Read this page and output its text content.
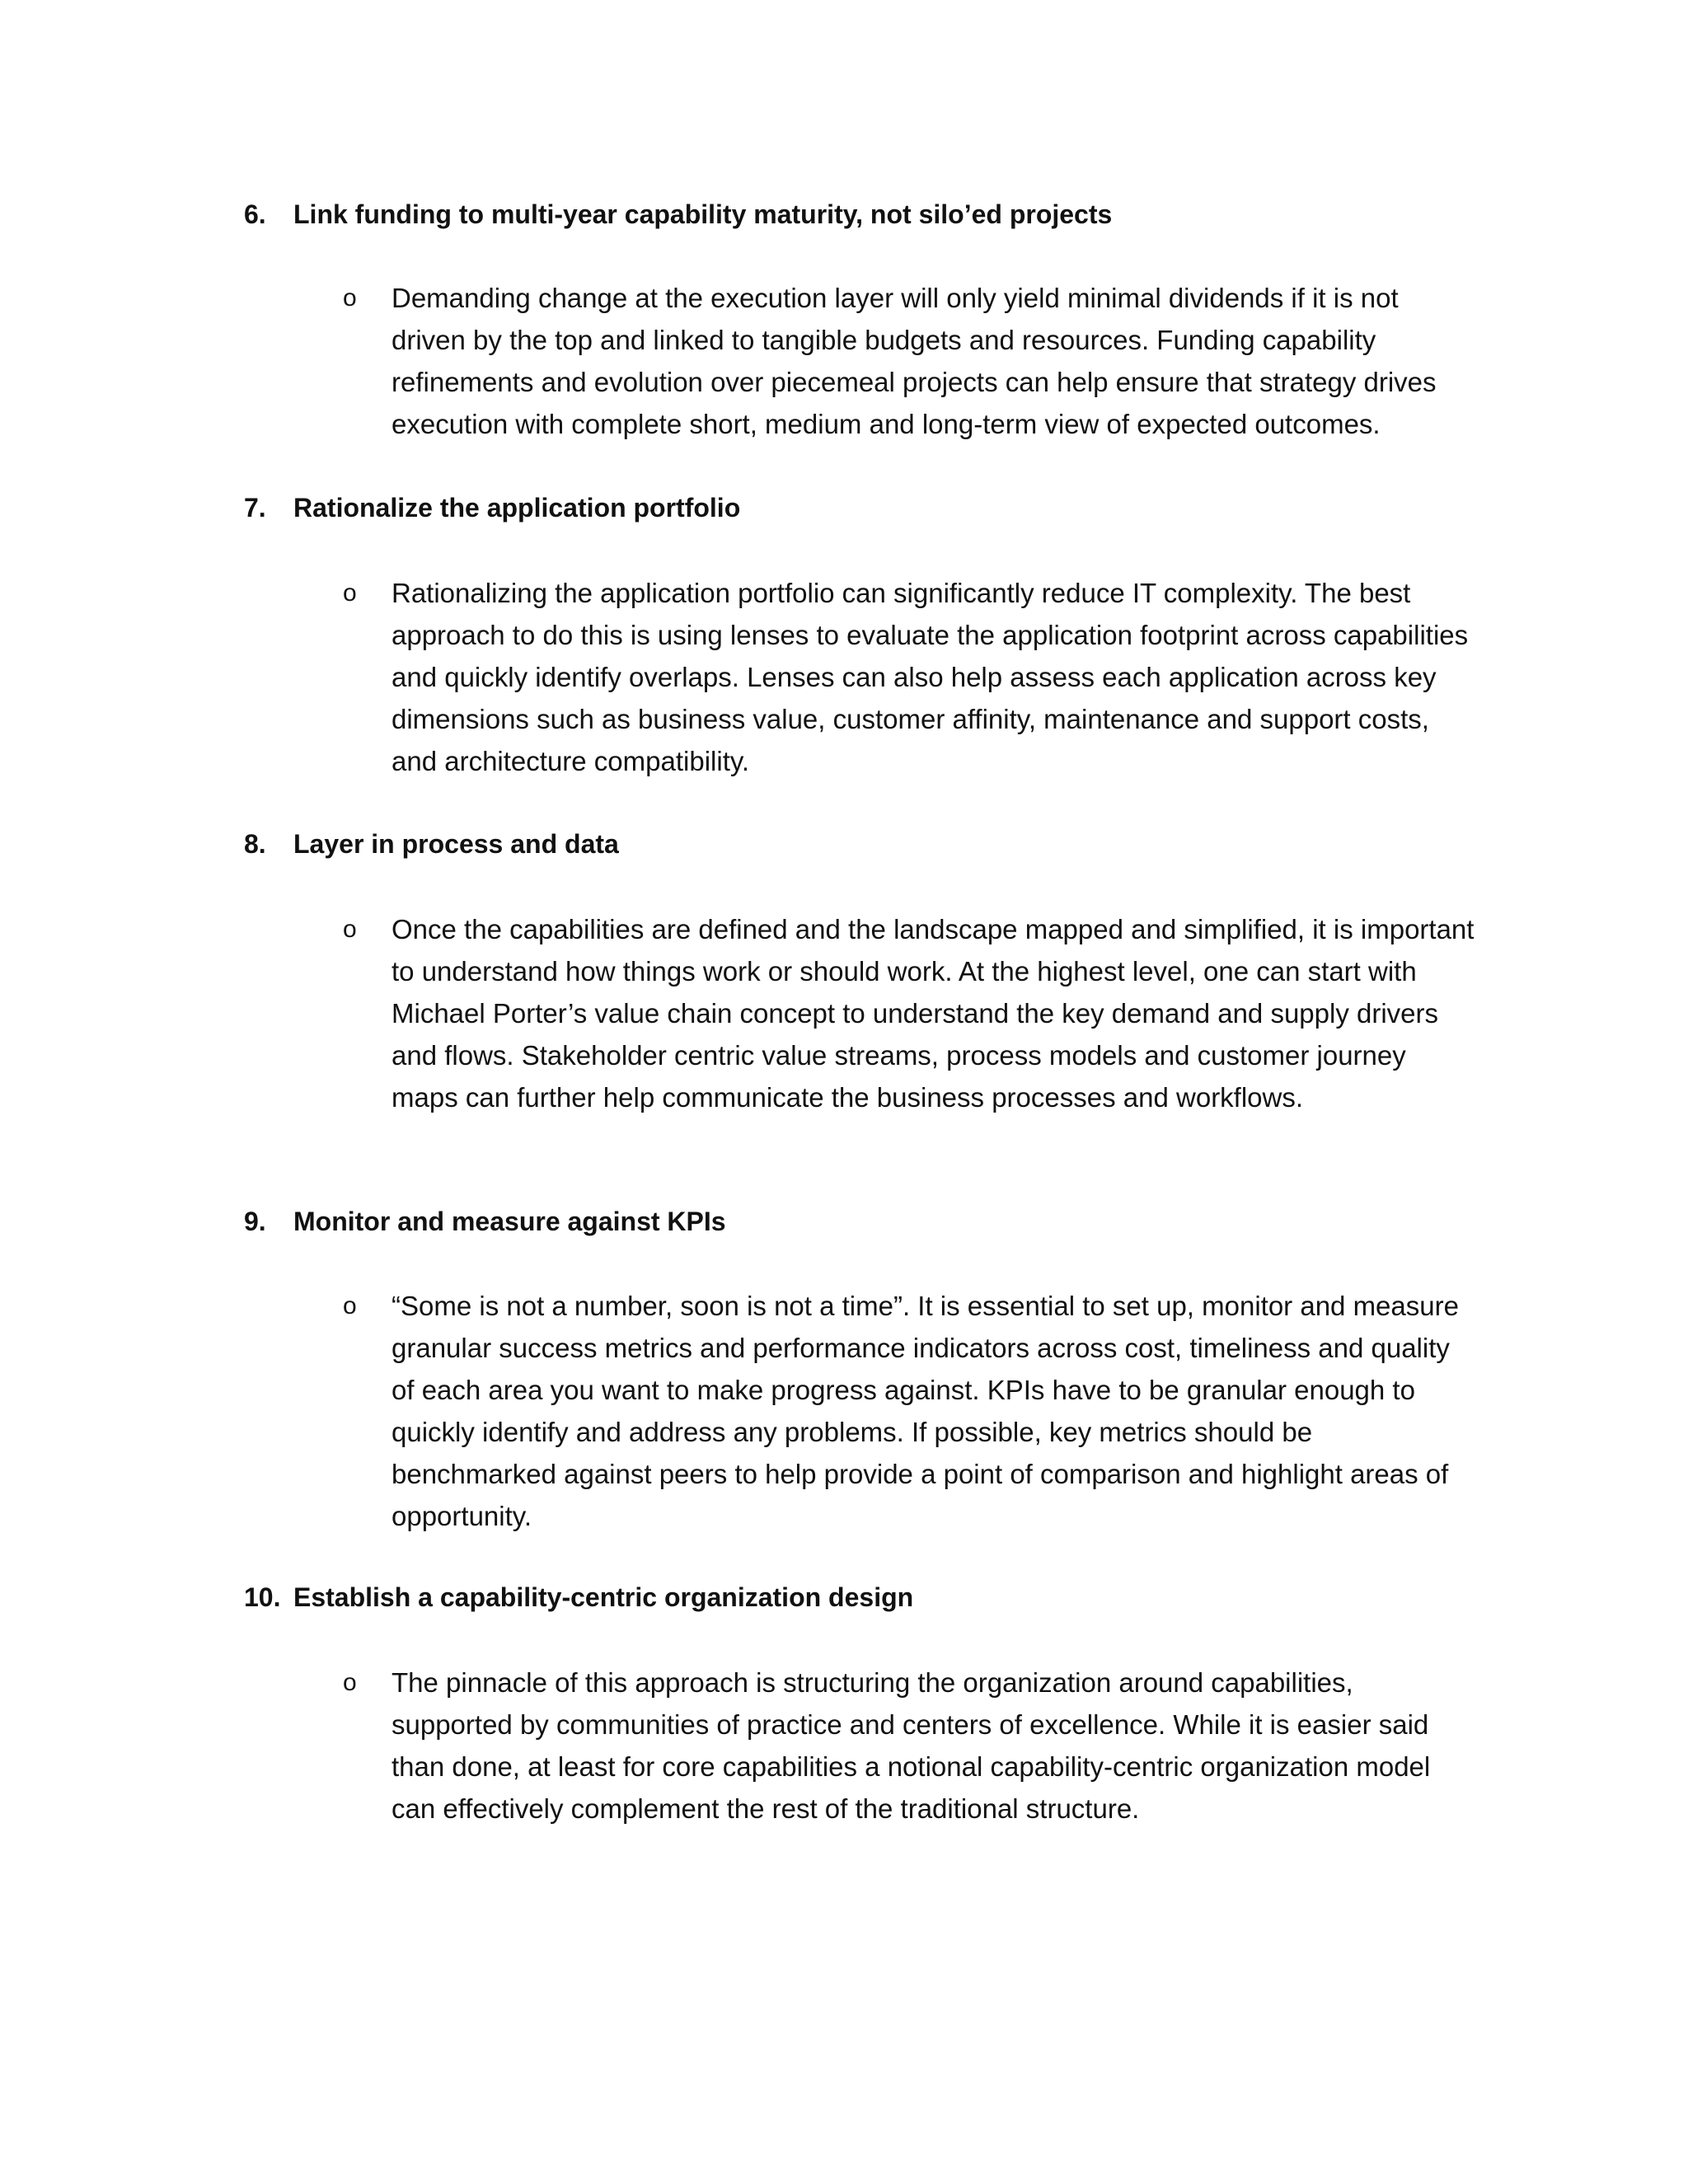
6. Link funding to multi-year capability maturity, not silo’ed projects
o Demanding change at the execution layer will only yield minimal dividends if it is not driven by the top and linked to tangible budgets and resources. Funding capability refinements and evolution over piecemeal projects can help ensure that strategy drives execution with complete short, medium and long-term view of expected outcomes.
7. Rationalize the application portfolio
o Rationalizing the application portfolio can significantly reduce IT complexity. The best approach to do this is using lenses to evaluate the application footprint across capabilities and quickly identify overlaps. Lenses can also help assess each application across key dimensions such as business value, customer affinity, maintenance and support costs, and architecture compatibility.
8. Layer in process and data
o Once the capabilities are defined and the landscape mapped and simplified, it is important to understand how things work or should work. At the highest level, one can start with Michael Porter’s value chain concept to understand the key demand and supply drivers and flows. Stakeholder centric value streams, process models and customer journey maps can further help communicate the business processes and workflows.
9. Monitor and measure against KPIs
o “Some is not a number, soon is not a time”. It is essential to set up, monitor and measure granular success metrics and performance indicators across cost, timeliness and quality of each area you want to make progress against. KPIs have to be granular enough to quickly identify and address any problems. If possible, key metrics should be benchmarked against peers to help provide a point of comparison and highlight areas of opportunity.
10. Establish a capability-centric organization design
o The pinnacle of this approach is structuring the organization around capabilities, supported by communities of practice and centers of excellence. While it is easier said than done, at least for core capabilities a notional capability-centric organization model can effectively complement the rest of the traditional structure.
